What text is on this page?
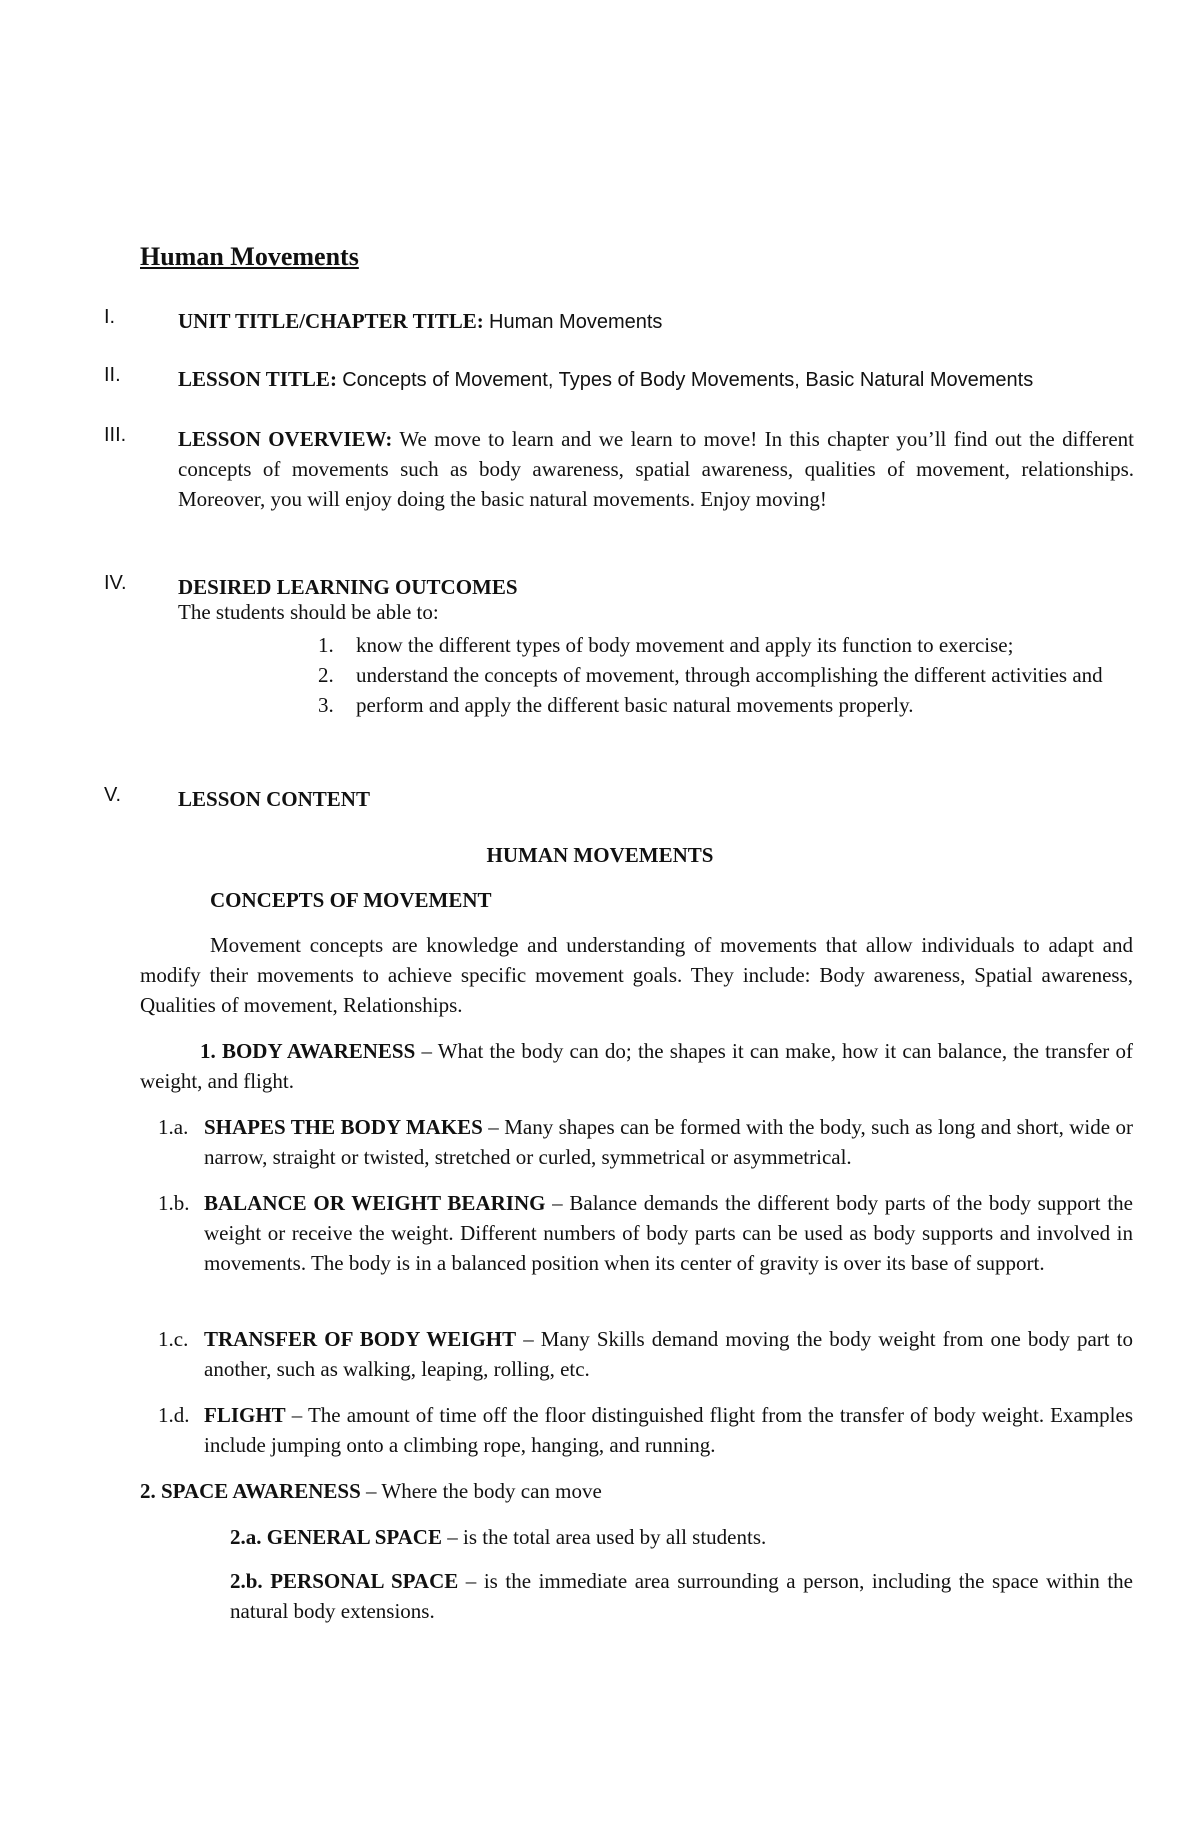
Human Movements
I.	UNIT TITLE/CHAPTER TITLE: Human Movements
II.	LESSON TITLE: Concepts of Movement, Types of Body Movements, Basic Natural Movements
III. LESSON OVERVIEW: We move to learn and we learn to move! In this chapter you’ll find out the different concepts of movements such as body awareness, spatial awareness, qualities of movement, relationships. Moreover, you will enjoy doing the basic natural movements. Enjoy moving!
IV. DESIRED LEARNING OUTCOMES
The students should be able to:
1. know the different types of body movement and apply its function to exercise;
2. understand the concepts of movement, through accomplishing the different activities and
3. perform and apply the different basic natural movements properly.
V.	LESSON CONTENT
HUMAN MOVEMENTS
CONCEPTS OF MOVEMENT
Movement concepts are knowledge and understanding of movements that allow individuals to adapt and modify their movements to achieve specific movement goals. They include: Body awareness, Spatial awareness, Qualities of movement, Relationships.
1. BODY AWARENESS – What the body can do; the shapes it can make, how it can balance, the transfer of weight, and flight.
1.a. SHAPES THE BODY MAKES – Many shapes can be formed with the body, such as long and short, wide or narrow, straight or twisted, stretched or curled, symmetrical or asymmetrical.
1.b. BALANCE OR WEIGHT BEARING – Balance demands the different body parts of the body support the weight or receive the weight. Different numbers of body parts can be used as body supports and involved in movements. The body is in a balanced position when its center of gravity is over its base of support.
1.c. TRANSFER OF BODY WEIGHT – Many Skills demand moving the body weight from one body part to another, such as walking, leaping, rolling, etc.
1.d. FLIGHT – The amount of time off the floor distinguished flight from the transfer of body weight. Examples include jumping onto a climbing rope, hanging, and running.
2. SPACE AWARENESS – Where the body can move
2.a. GENERAL SPACE – is the total area used by all students.
2.b. PERSONAL SPACE – is the immediate area surrounding a person, including the space within the natural body extensions.
